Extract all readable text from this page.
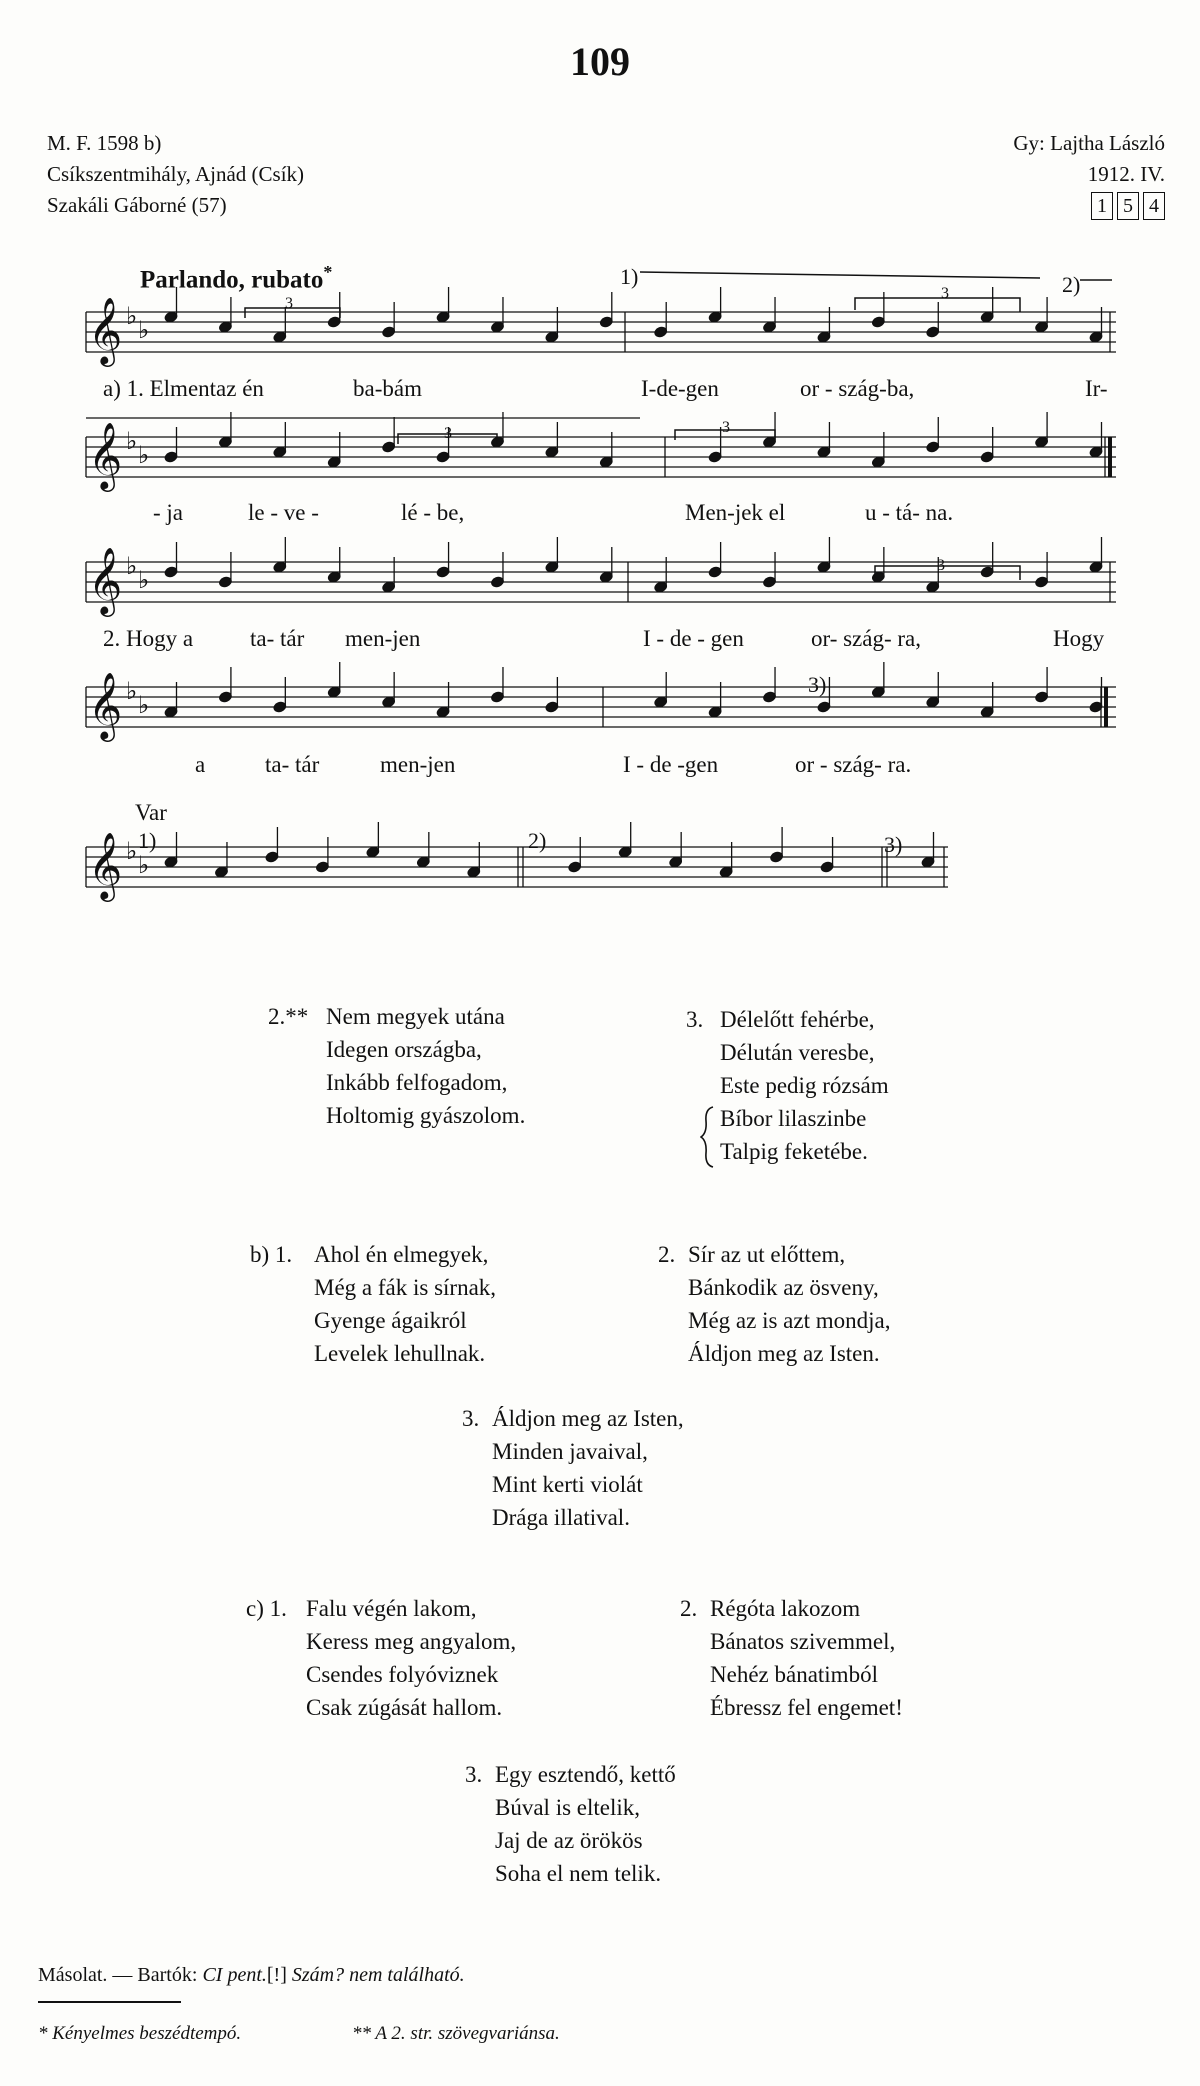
109
M. F. 1598 b)
Csíkszentmihály, Ajnád (Csík)
Szakáli Gáborné (57)
Gy: Lajtha László
1912. IV.
1 5 4
Parlando, rubato*
𝄞 ♭ ♭
𝄞 ♭ ♭
𝄞 ♭ ♭
𝄞 ♭ ♭
𝄞 ♭ ♭
1)	2)
3)
Var
1)	2)	3)
3
3
3	3
3
a) 1. Elmentaz én	ba-bám	I-de-gen	or - szág-ba,	Ir-
- ja	le - ve -	lé - be,	Men-jek el	u - tá- na.
2. Hogy a ta- tár men-jen	I - de - gen	or- szág- ra,	Hogy
a	ta- tár	men-jen	I - de -gen	or - szág- ra.
2.** Nem megyek utána
Idegen országba,
Inkább felfogadom,
Holtomig gyászolom.
3. Délelőtt fehérbe,
Délután veresbe,
Este pedig rózsám
Bíbor lilaszinbe
Talpig feketébe.
b) 1. Ahol én elmegyek,
Még a fák is sírnak,
Gyenge ágaikról
Levelek lehullnak.
2. Sír az ut előttem,
Bánkodik az ösveny,
Még az is azt mondja,
Áldjon meg az Isten.
3. Áldjon meg az Isten,
Minden javaival,
Mint kerti violát
Drága illatival.
c) 1. Falu végén lakom,
Keress meg angyalom,
Csendes folyóviznek
Csak zúgását hallom.
2. Régóta lakozom
Bánatos szivemmel,
Nehéz bánatimból
Ébressz fel engemet!
3. Egy esztendő, kettő
Búval is eltelik,
Jaj de az örökös
Soha el nem telik.
Másolat. — Bartók: CI pent.[!] Szám? nem található.
* Kényelmes beszédtempó.	** A 2. str. szövegvariánsa.
